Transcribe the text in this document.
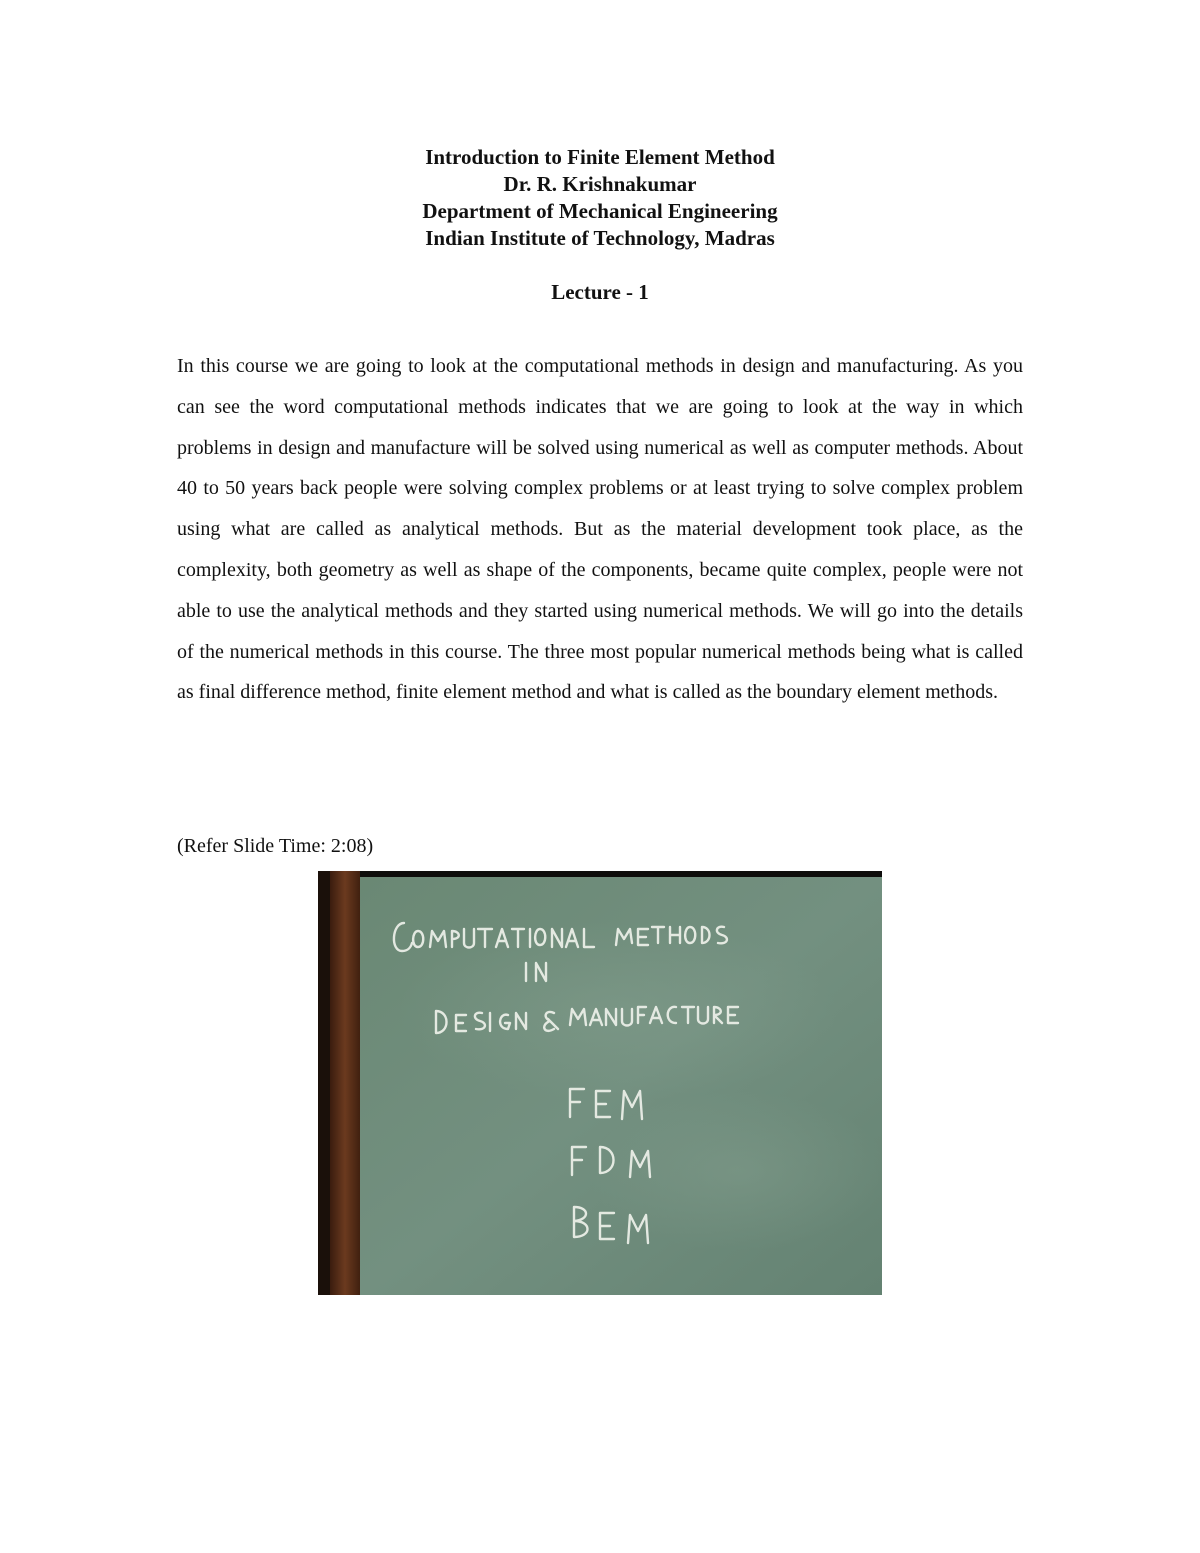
Introduction to Finite Element Method
Dr. R. Krishnakumar
Department of Mechanical Engineering
Indian Institute of Technology, Madras
Lecture - 1

In this course we are going to look at the computational methods in design and manufacturing. As you can see the word computational methods indicates that we are going to look at the way in which problems in design and manufacture will be solved using numerical as well as computer methods. About 40 to 50 years back people were solving complex problems or at least trying to solve complex problem using what are called as analytical methods. But as the material development took place, as the complexity, both geometry as well as shape of the components, became quite complex, people were not able to use the analytical methods and they started using numerical methods. We will go into the details of the numerical methods in this course. The three most popular numerical methods being what is called as final difference method, finite element method and what is called as the boundary element methods.

(Refer Slide Time: 2:08)
